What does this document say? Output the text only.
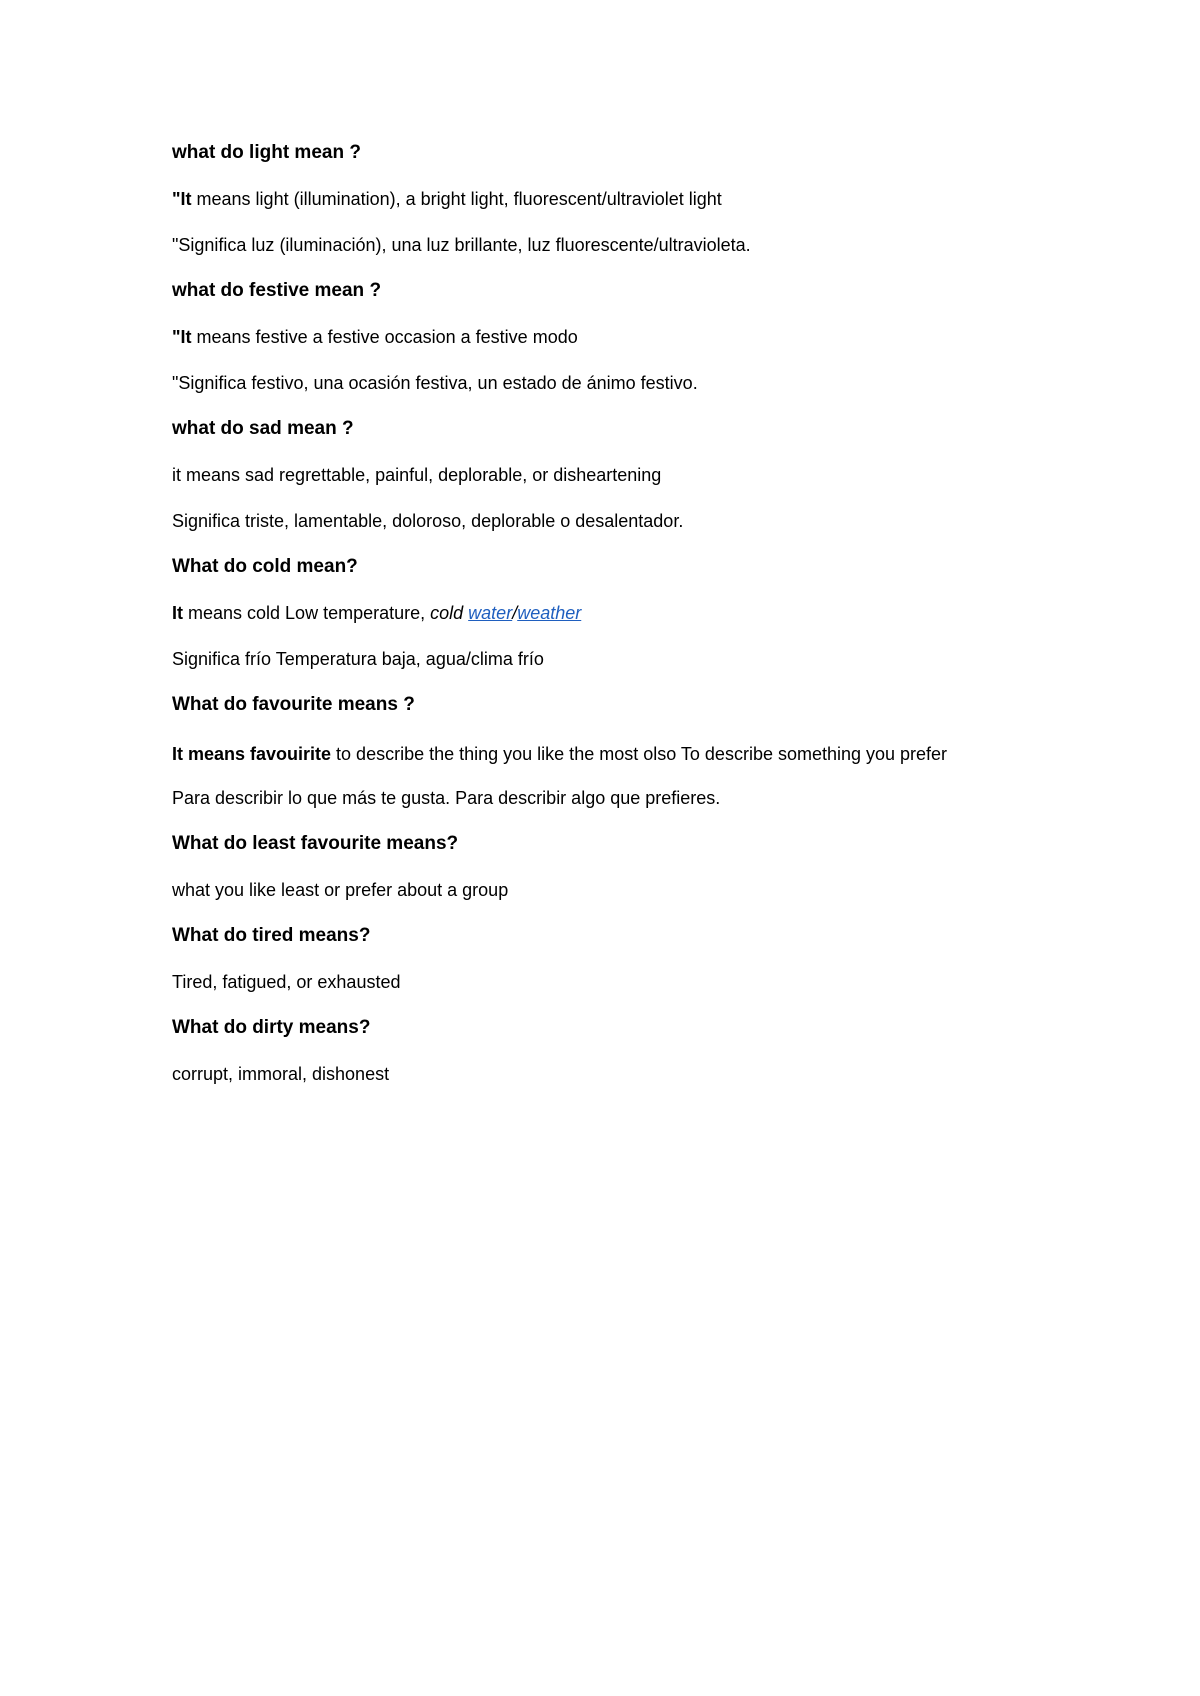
what do light mean ?
"It means light (illumination), a bright light, fluorescent/ultraviolet light
"Significa luz (iluminación), una luz brillante, luz fluorescente/ultravioleta.
what do festive mean ?
"It means festive a festive occasion a festive modo
"Significa festivo, una ocasión festiva, un estado de ánimo festivo.
what do sad mean ?
it means sad regrettable, painful, deplorable, or disheartening
Significa triste, lamentable, doloroso, deplorable o desalentador.
What do cold mean?
It means cold Low temperature, cold water/weather
Significa frío Temperatura baja, agua/clima frío
What do favourite means ?
It means favouirite to describe the thing you like the most olso To describe something you prefer
Para describir lo que más te gusta. Para describir algo que prefieres.
What do least favourite means?
what you like least or prefer about a group
What do tired means?
Tired, fatigued, or exhausted
What do dirty means?
corrupt, immoral, dishonest
